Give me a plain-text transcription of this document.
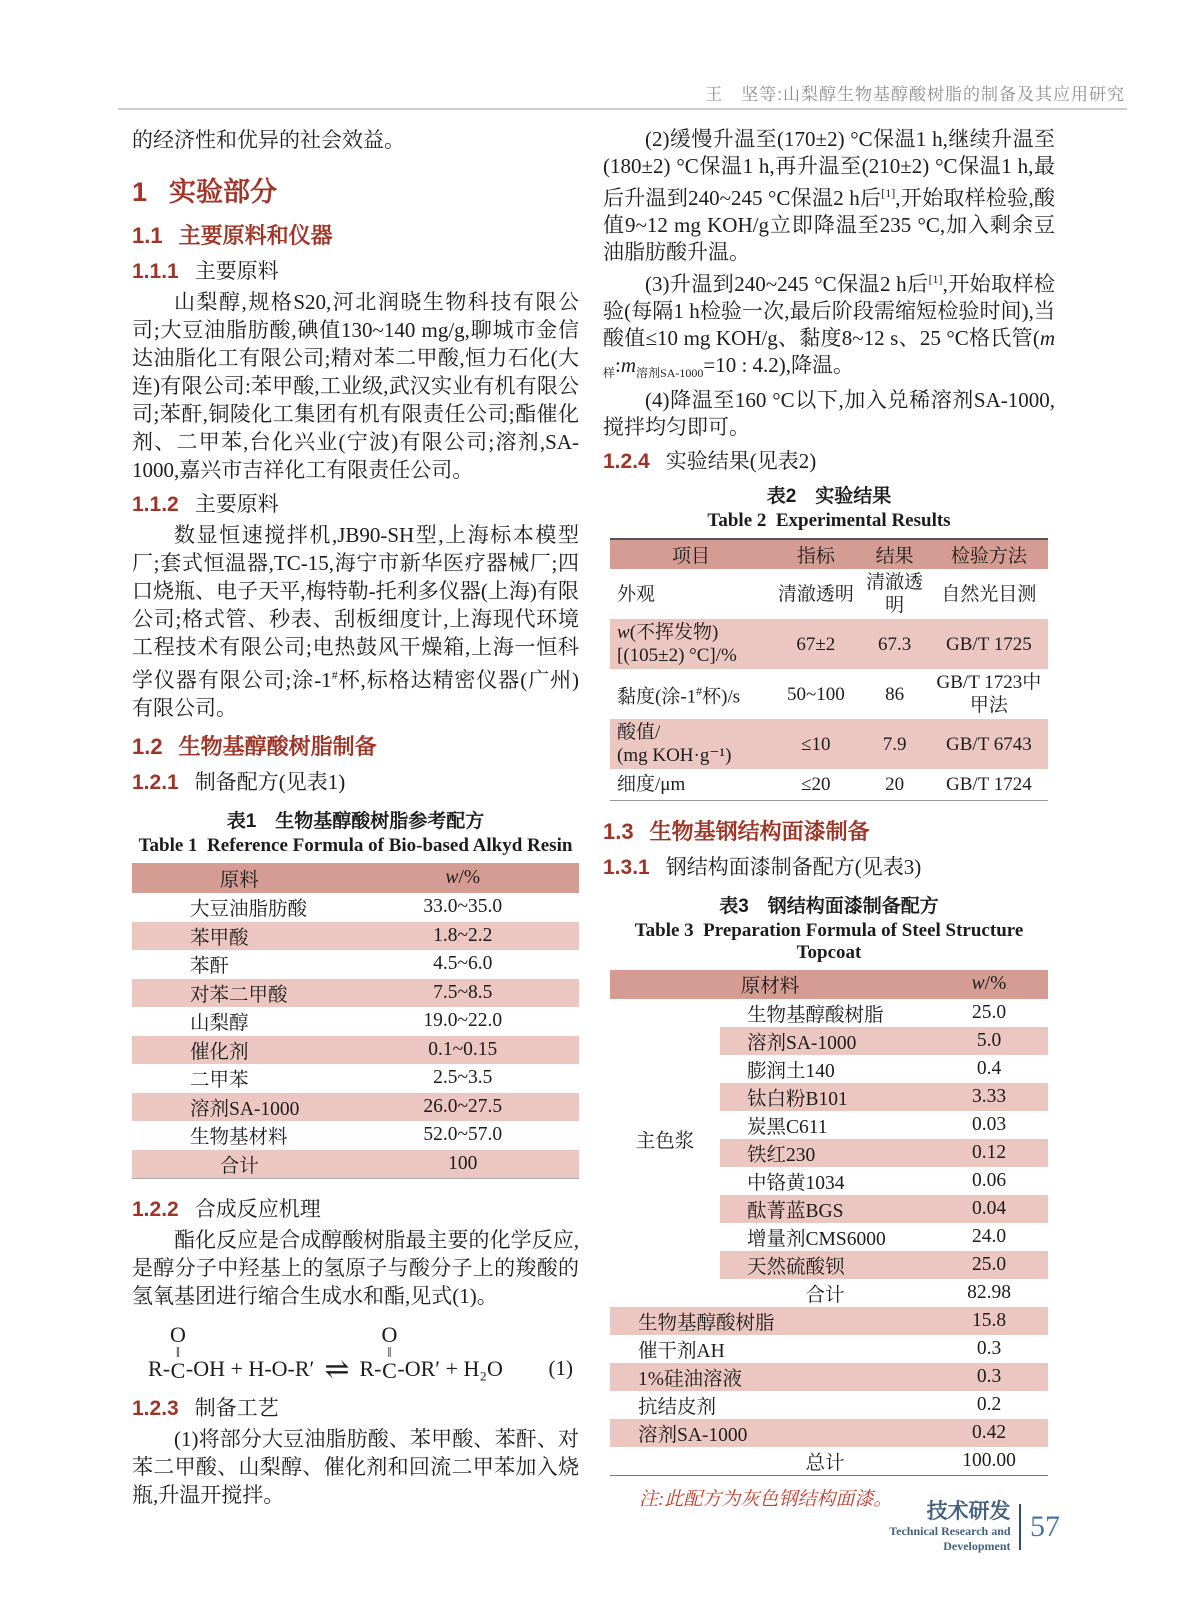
王　坚等:山梨醇生物基醇酸树脂的制备及其应用研究

的经济性和优异的社会效益。

1 实验部分
1.1 主要原料和仪器
1.1.1 主要原料

山梨醇,规格S20,河北润晓生物科技有限公司;大豆油脂肪酸,碘值130~140 mg/g,聊城市金信达油脂化工有限公司;精对苯二甲酸,恒力石化(大连)有限公司:苯甲酸,工业级,武汉实业有机有限公司;苯酐,铜陵化工集团有机有限责任公司;酯催化剂、二甲苯,台化兴业(宁波)有限公司;溶剂,SA-1000,嘉兴市吉祥化工有限责任公司。

1.1.2 主要原料

数显恒速搅拌机,JB90-SH型,上海标本模型厂;套式恒温器,TC-15,海宁市新华医疗器械厂;四口烧瓶、电子天平,梅特勒-托利多仪器(上海)有限公司;格式管、秒表、刮板细度计,上海现代环境工程技术有限公司;电热鼓风干燥箱,上海一恒科学仪器有限公司;涂-1#杯,标格达精密仪器(广州)有限公司。

1.2 生物基醇酸树脂制备
1.2.1 制备配方(见表1)
表1　生物基醇酸树脂参考配方
Table 1  Reference Formula of Bio-based Alkyd Resin
原料	w/%
大豆油脂肪酸	33.0~35.0
苯甲酸	1.8~2.2
苯酐	4.5~6.0
对苯二甲酸	7.5~8.5
山梨醇	19.0~22.0
催化剂	0.1~0.15
二甲苯	2.5~3.5
溶剂SA-1000	26.0~27.5
生物基材料	52.0~57.0
合计	100
1.2.2 合成反应机理

酯化反应是合成醇酸树脂最主要的化学反应,是醇分子中羟基上的氢原子与酸分子上的羧酸的氢氧基团进行缩合生成水和酯,见式(1)。

R-
O
‖
C -OH + H-O-R′ ⇌ R-
O
‖
C -OR′ + H₂O (1)
1.2.3 制备工艺

(1)将部分大豆油脂肪酸、苯甲酸、苯酐、对苯二甲酸、山梨醇、催化剂和回流二甲苯加入烧瓶,升温开搅拌。

(2)缓慢升温至(170±2) °C保温1 h,继续升温至(180±2) °C保温1 h,再升温至(210±2) °C保温1 h,最后升温到240~245 °C保温2 h后[1],开始取样检验,酸值9~12 mg KOH/g立即降温至235 °C,加入剩余豆油脂肪酸升温。

(3)升温到240~245 °C保温2 h后[1],开始取样检验(每隔1 h检验一次,最后阶段需缩短检验时间),当酸值≤10 mg KOH/g、黏度8~12 s、25 °C格氏管($m_样:m_{溶剂SA-1000}=10$ : 4.2),降温。

(4)降温至160 °C以下,加入兑稀溶剂SA-1000,搅拌均匀即可。

1.2.4 实验结果(见表2)
表2　实验结果
Table 2  Experimental Results
项目	指标	结果	检验方法
外观	清澈透明	清澈透明	自然光目测

w(不挥发物)
[(105±2) °C]/%	67±2	67.3	GB/T 1725
黏度(涂-1#杯)/s	50~100	86	GB/T 1723中
甲法

酸值/
(mg KOH·g⁻¹)	≤10	7.9	GB/T 6743
细度/μm	≤20	20	GB/T 1724
1.3 生物基钢结构面漆制备
1.3.1 钢结构面漆制备配方(见表3)
表3　钢结构面漆制备配方
Table 3  Preparation Formula of Steel Structure Topcoat
原材料	w/%
主色浆
生物基醇酸树脂	25.0
溶剂SA-1000	5.0
膨润土140	0.4
钛白粉B101	3.33
炭黑C611	0.03
铁红230	0.12
中铬黄1034	0.06
酞菁蓝BGS	0.04
增量剂CMS6000	24.0
天然硫酸钡	25.0
合计	82.98
生物基醇酸树脂	15.8
催干剂AH	0.3
1%硅油溶液	0.3
抗结皮剂	0.2
溶剂SA-1000	0.42
总计	100.00
注:此配方为灰色钢结构面漆。
技术研发
Technical Research and Development
57
